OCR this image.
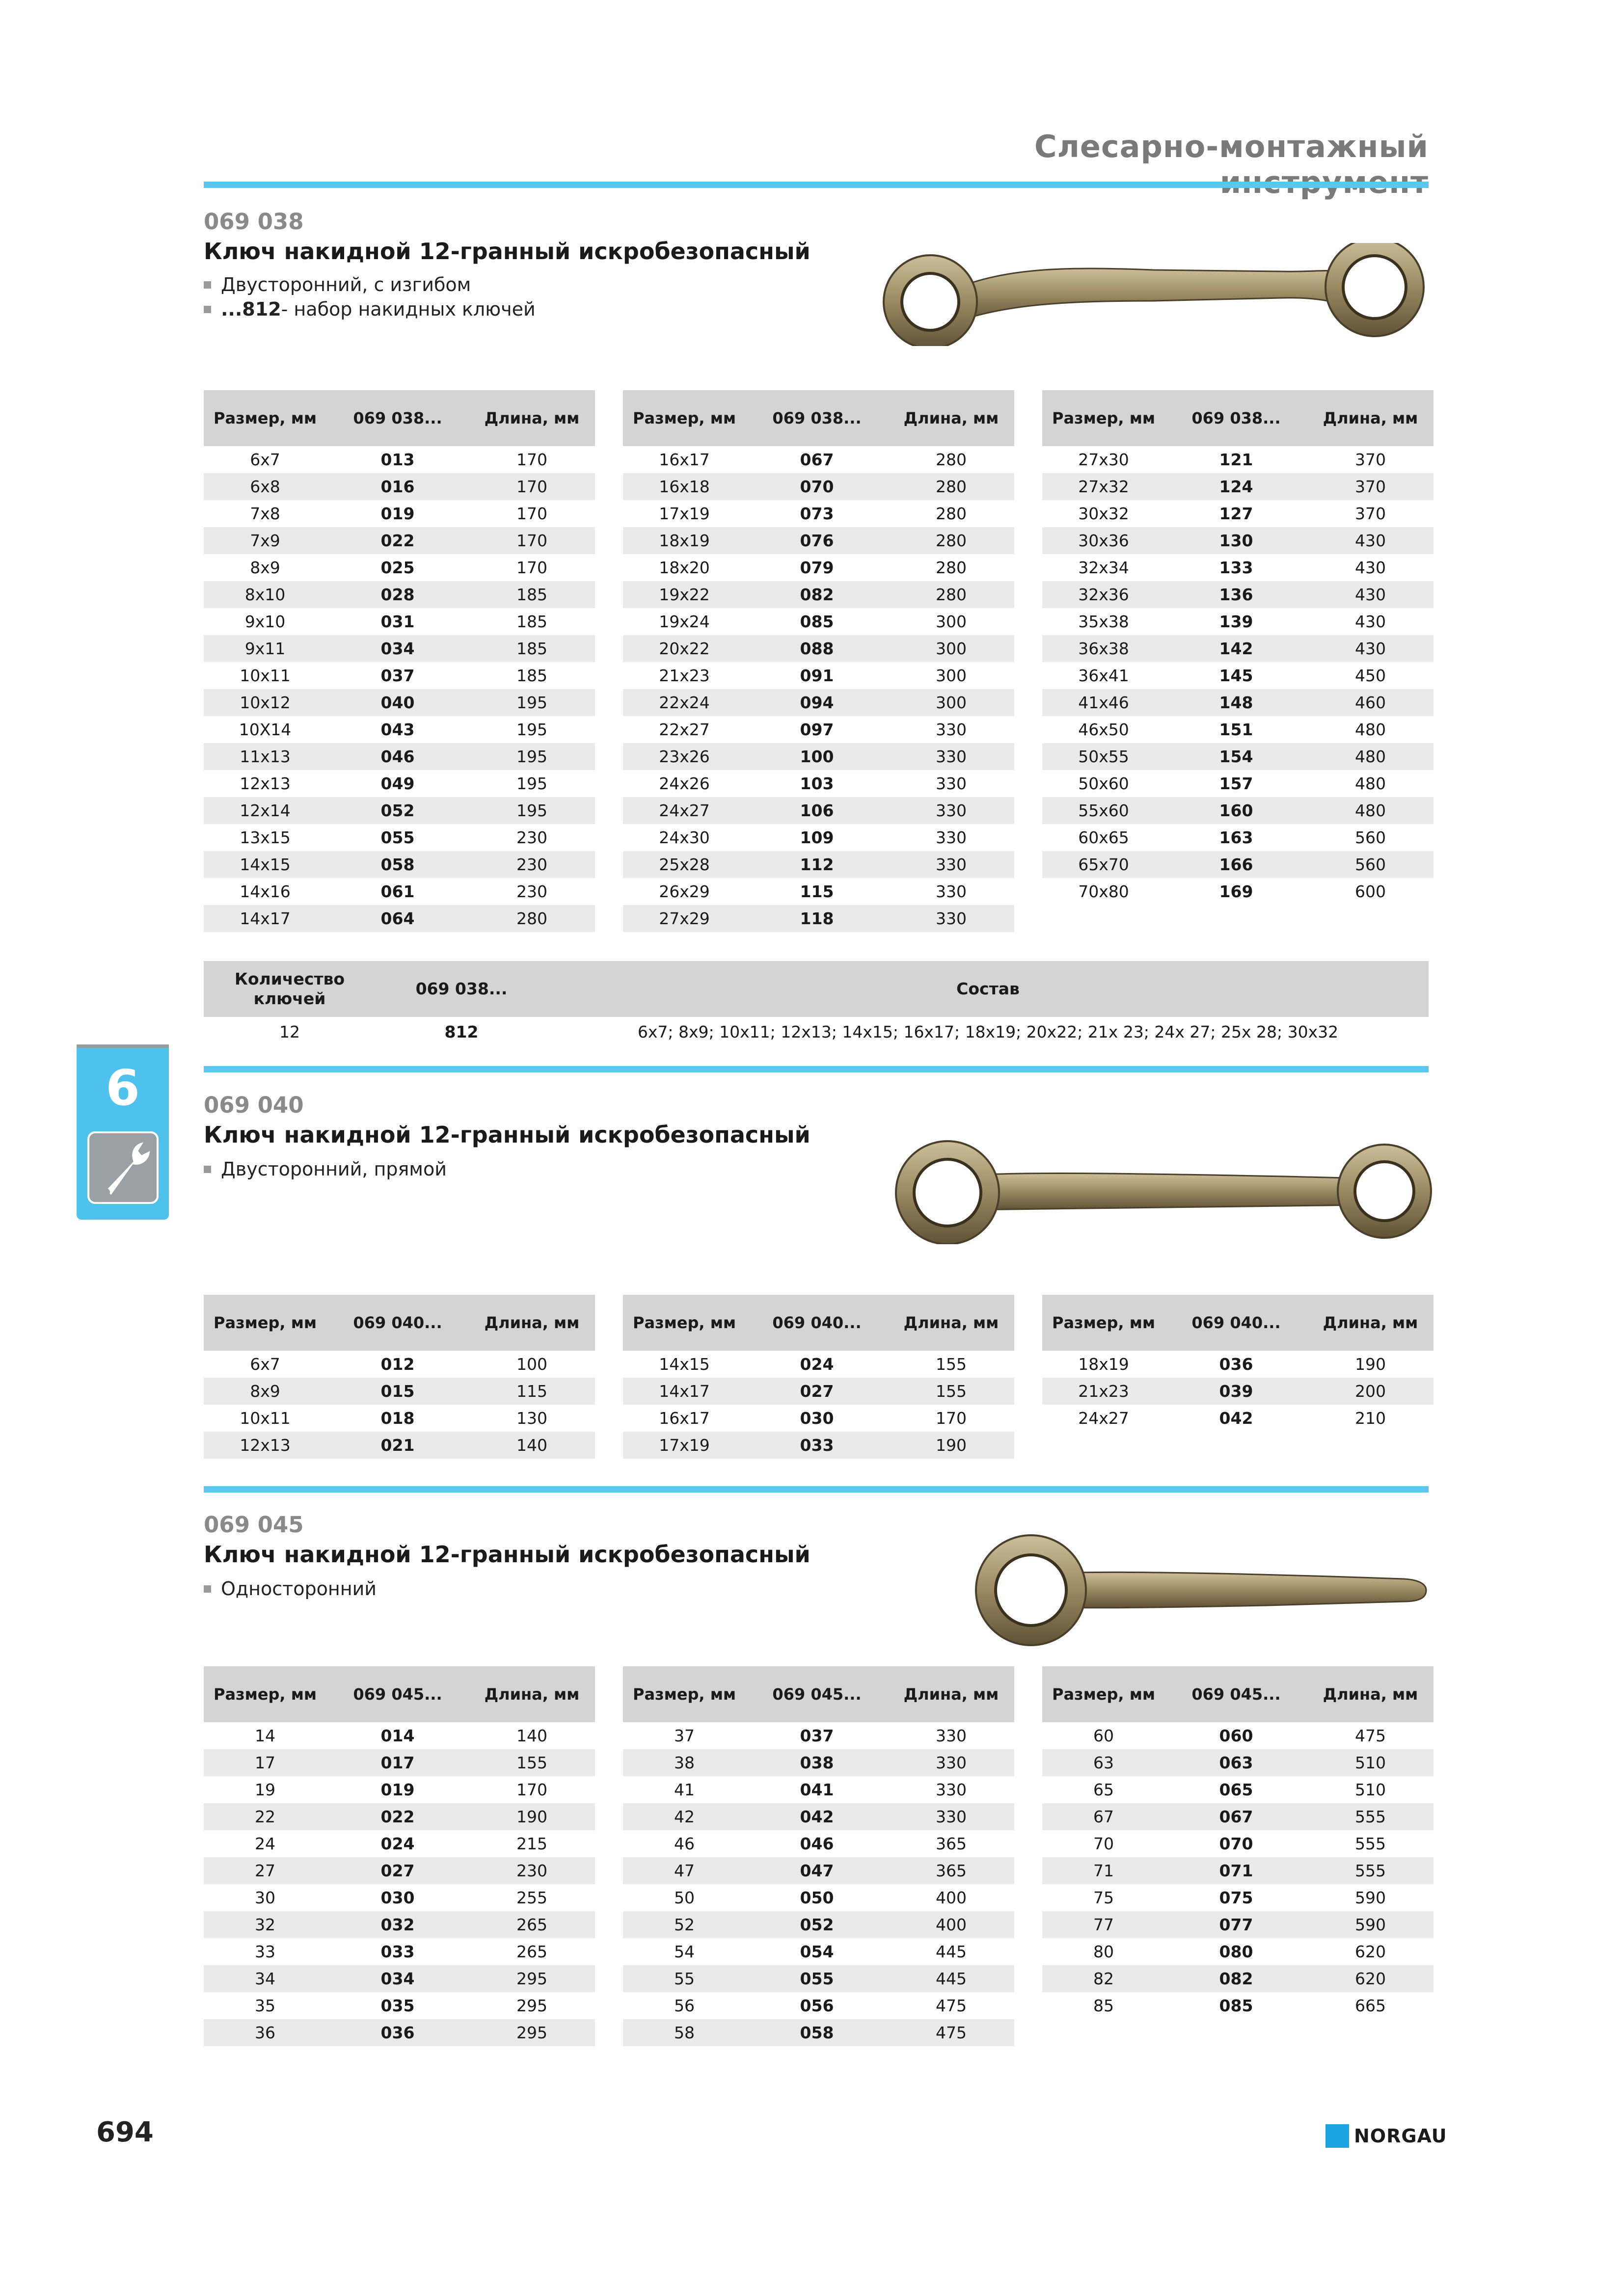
Слесарно-монтажный
069 038
Ключ накидной 12-гранный искробезопасный
Двусторонний, с изгибом
...812 - набор накидных ключей
Размер, мм	069 038...	Длина, мм
6x7	013	170
6x8	016	170
7x8	019	170
7x9	022	170
8x9	025	170
8x10	028	185
9x10	031	185
9x11	034	185
10x11	037	185
10x12	040	195
10X14	043	195
11x13	046	195
12x13	049	195
12x14	052	195
13x15	055	230
14x15	058	230
14x16	061	230
14x17	064	280
Размер, мм	069 038...	Длина, мм
16x17	067	280
16x18	070	280
17x19	073	280
18x19	076	280
18x20	079	280
19x22	082	280
19x24	085	300
20x22	088	300
21x23	091	300
22x24	094	300
22x27	097	330
23x26	100	330
24x26	103	330
24x27	106	330
24x30	109	330
25x28	112	330
26x29	115	330
27x29	118	330
Размер, мм	069 038...	Длина, мм
27x30	121	370
27x32	124	370
30x32	127	370
30x36	130	430
32x34	133	430
32x36	136	430
35x38	139	430
36x38	142	430
36x41	145	450
41x46	148	460
46x50	151	480
50x55	154	480
50x60	157	480
55x60	160	480
60x65	163	560
65x70	166	560
70x80	169	600
Количество ключей	069 038...	Состав
12	812	6x7; 8x9; 10x11; 12x13; 14x15; 16x17; 18x19; 20x22; 21x 23; 24x 27; 25x 28; 30x32
6	069 040
Ключ накидной 12-гранный искробезопасный
Двусторонний, прямой
Размер, мм	069 040...	Длина, мм
6x7	012	100
8x9	015	115
10x11	018	130
12x13	021	140
Размер, мм	069 040...	Длина, мм
14x15	024	155
14x17	027	155
16x17	030	170
17x19	033	190
Размер, мм	069 040...	Длина, мм
18x19	036	190
21x23	039	200
24x27	042	210
069 045
Ключ накидной 12-гранный искробезопасный
Односторонний
Размер, мм	069 045...	Длина, мм
14	014	140
17	017	155
19	019	170
22	022	190
24	024	215
27	027	230
30	030	255
32	032	265
33	033	265
34	034	295
35	035	295
36	036	295
Размер, мм	069 045...	Длина, мм
37	037	330
38	038	330
41	041	330
42	042	330
46	046	365
47	047	365
50	050	400
52	052	400
54	054	445
55	055	445
56	056	475
58	058	475
Размер, мм	069 045...	Длина, мм
60	060	475
63	063	510
65	065	510
67	067	555
70	070	555
71	071	555
75	075	590
77	077	590
80	080	620
82	082	620
85	085	665
694	NORGAU
